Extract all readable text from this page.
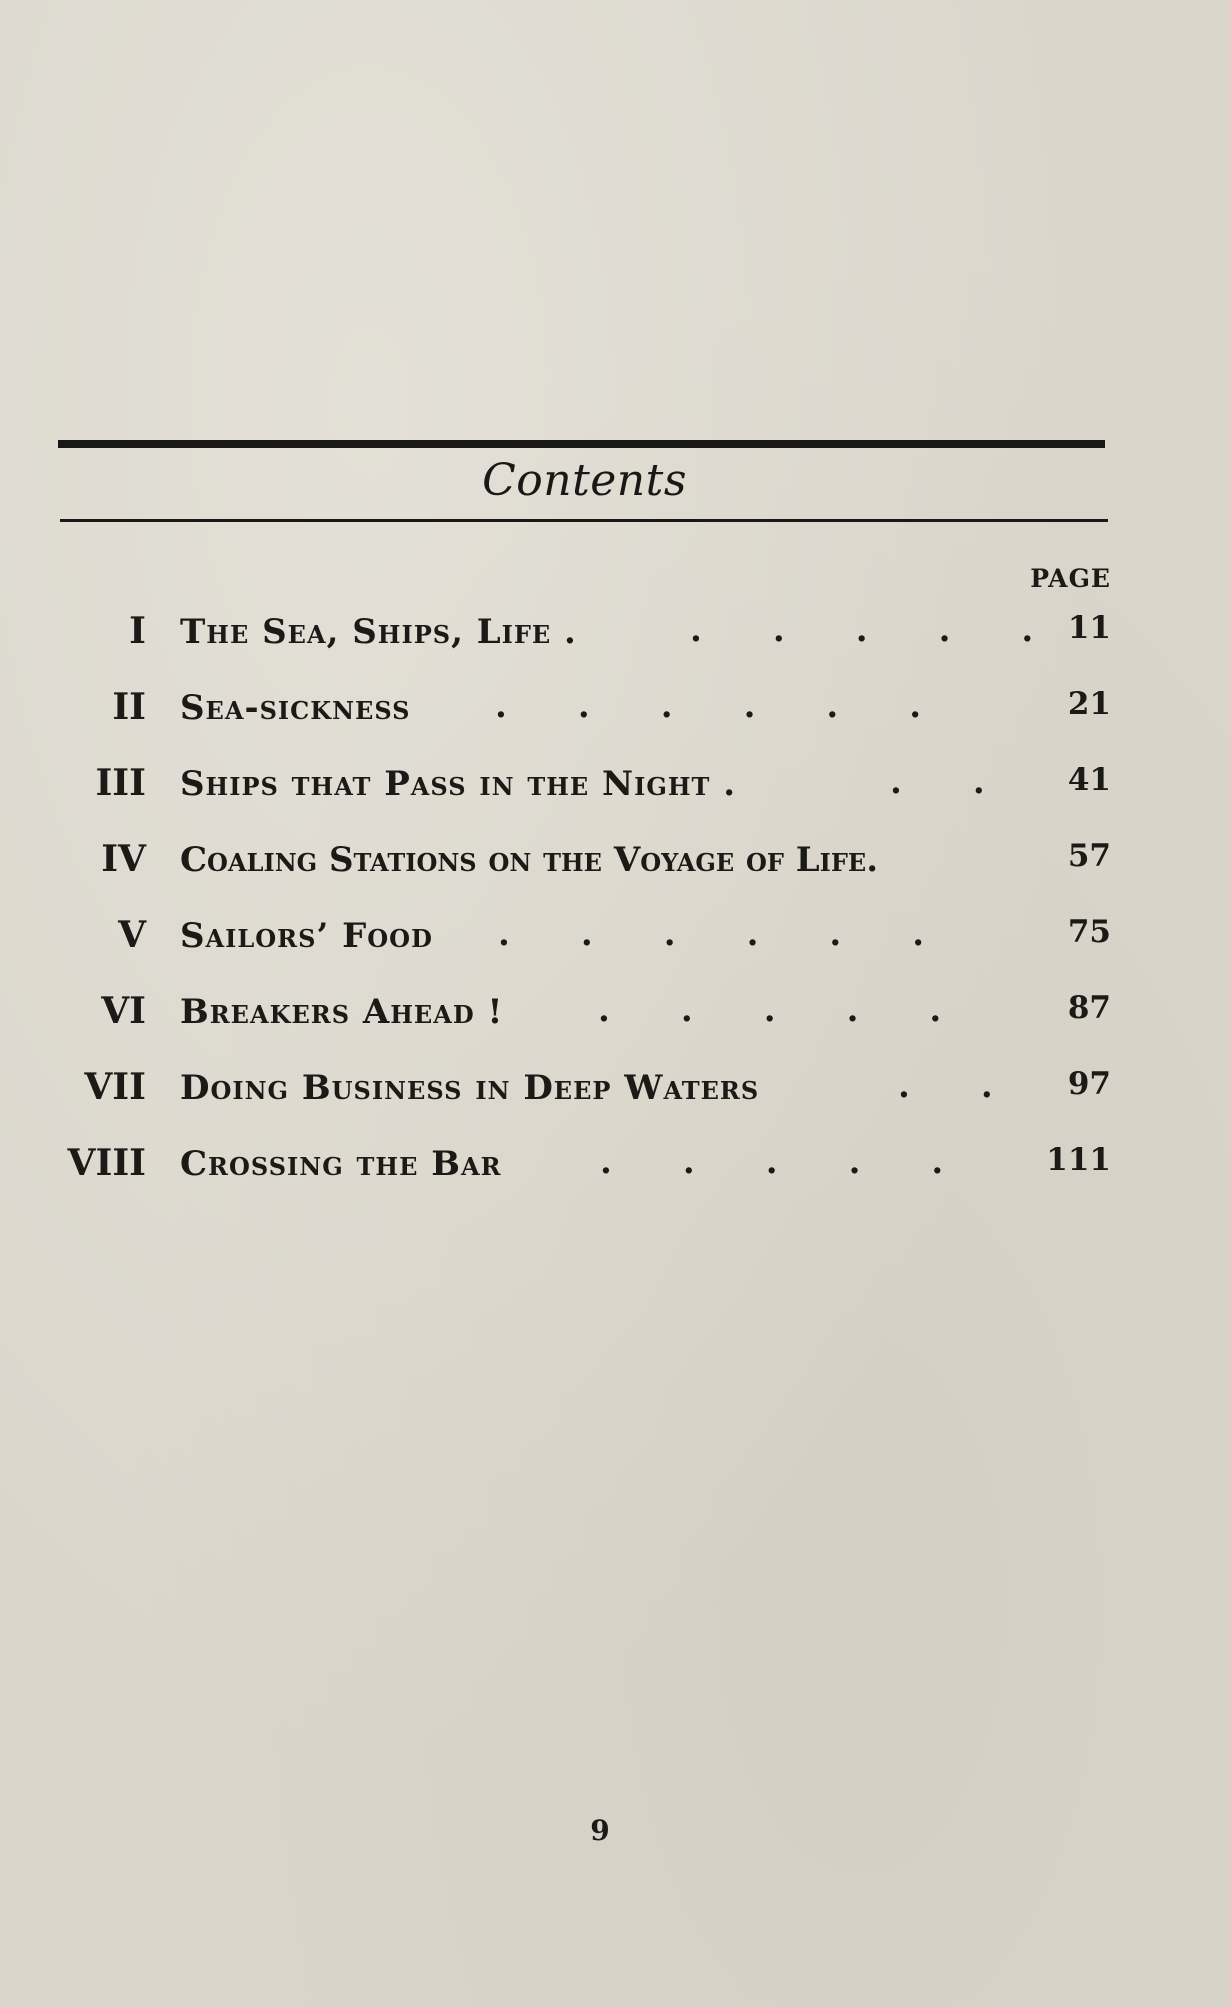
Contents
PAGE
I The Sea, Ships, Life .	.      .      .      .      . 11
II Sea-sickness .      .      .      .      .      .	21
III Ships that Pass in the Night .	.      .	41
IV Coaling Stations on the Voyage of Life.	57
V Sailors’ Food .      .      .      .      .      .	75
VI Breakers Ahead !	.      .      .      .      .	87
VII Doing Business in Deep Waters	.      . 97
VIII Crossing the Bar	.      .      .      .      .	111
9
